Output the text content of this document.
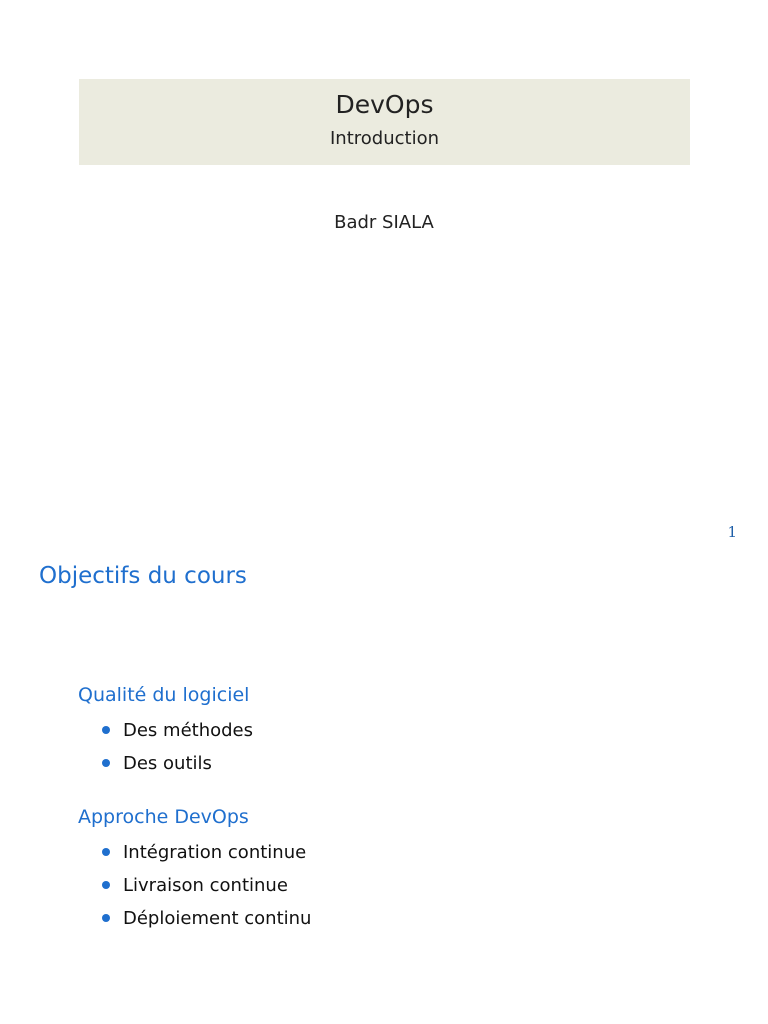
DevOps
Introduction
Badr SIALA
1
Objectifs du cours
Qualité du logiciel
Des méthodes
Des outils
Approche DevOps
Intégration continue
Livraison continue
Déploiement continu
